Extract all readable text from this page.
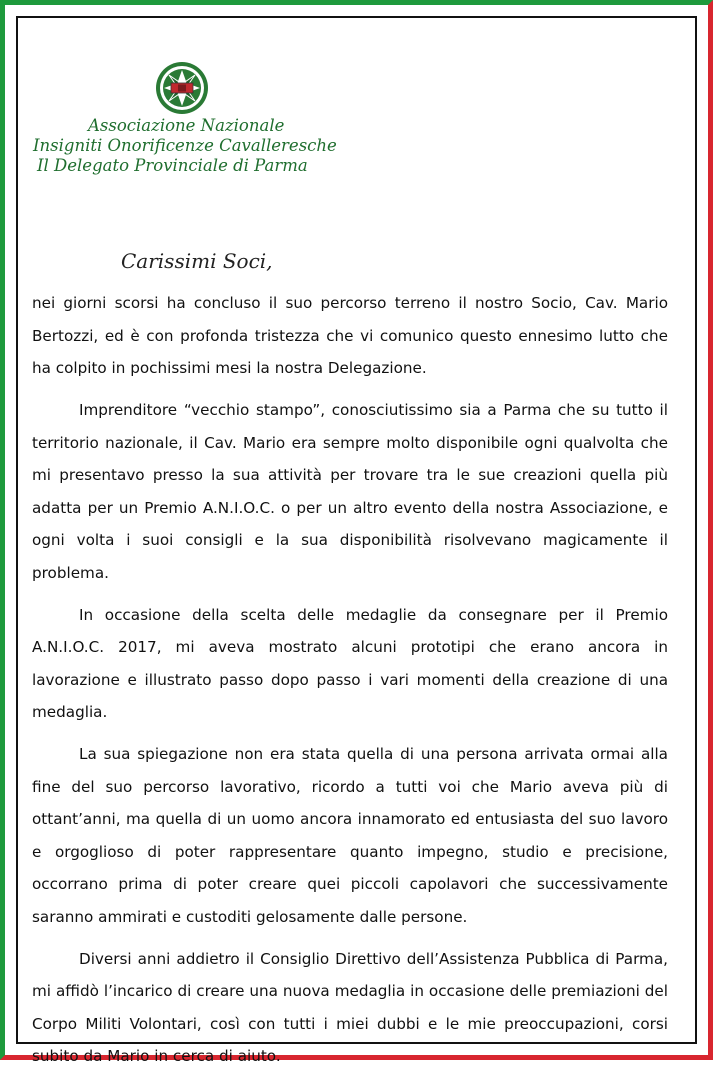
Associazione Nazionale
Insigniti Onorificenze Cavalleresche
Il Delegato Provinciale di Parma
Carissimi Soci,

nei giorni scorsi ha concluso il suo percorso terreno il nostro Socio, Cav. Mario Bertozzi, ed è con profonda tristezza che vi comunico questo ennesimo lutto che ha colpito in pochissimi mesi la nostra Delegazione.

Imprenditore “vecchio stampo”, conosciutissimo sia a Parma che su tutto il territorio nazionale, il Cav. Mario era sempre molto disponibile ogni qualvolta che mi presentavo presso la sua attività per trovare tra le sue creazioni quella più adatta per un Premio A.N.I.O.C. o per un altro evento della nostra Associazione, e ogni volta i suoi consigli e la sua disponibilità risolvevano magicamente il problema.

In occasione della scelta delle medaglie da consegnare per il Premio A.N.I.O.C. 2017, mi aveva mostrato alcuni prototipi che erano ancora in lavorazione e illustrato passo dopo passo i vari momenti della creazione di una medaglia.

La sua spiegazione non era stata quella di una persona arrivata ormai alla fine del suo percorso lavorativo, ricordo a tutti voi che Mario aveva più di ottant’anni, ma quella di un uomo ancora innamorato ed entusiasta del suo lavoro e orgoglioso di poter rappresentare quanto impegno, studio e precisione, occorrano prima di poter creare quei piccoli capolavori che successivamente saranno ammirati e custoditi gelosamente dalle persone.

Diversi anni addietro il Consiglio Direttivo dell’Assistenza Pubblica di Parma, mi affidò l’incarico di creare una nuova medaglia in occasione delle premiazioni del Corpo Militi Volontari, così con tutti i miei dubbi e le mie preoccupazioni, corsi subito da Mario in cerca di aiuto.
